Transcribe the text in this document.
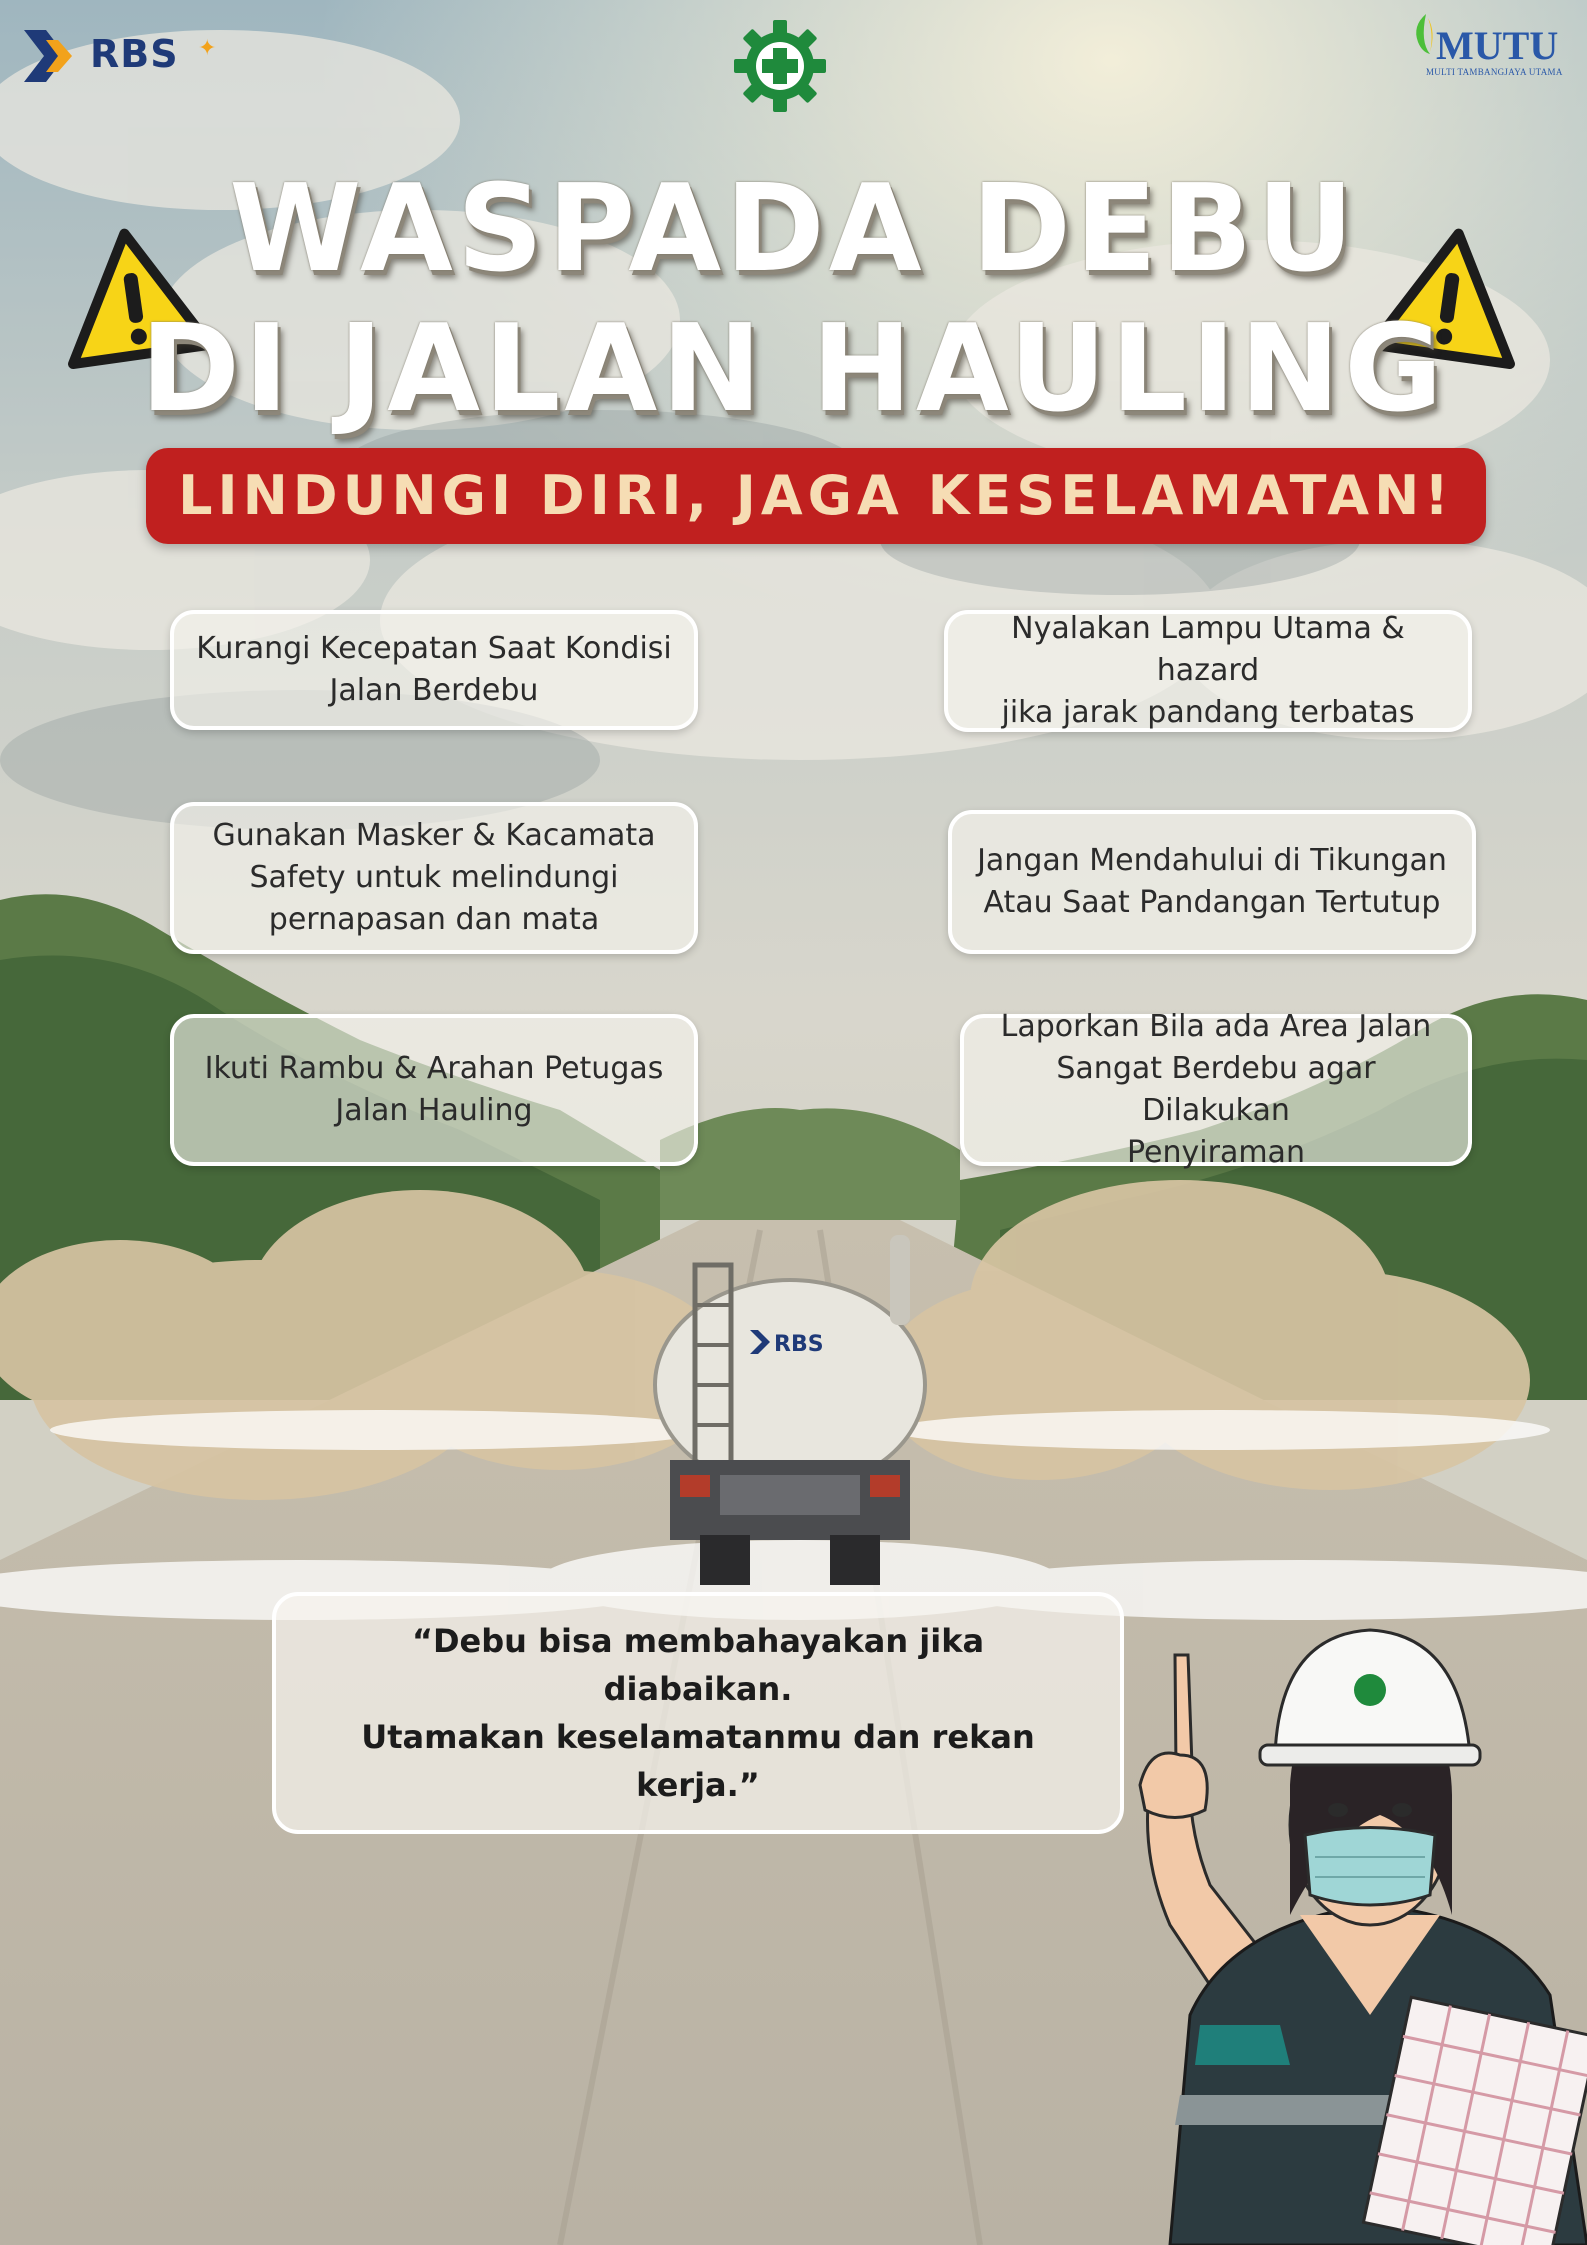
RBS
RBS ✦	MUTU
MULTI TAMBANGJAYA UTAMA
WASPADA DEBU
DI JALAN HAULING
LINDUNGI DIRI, JAGA KESELAMATAN!
Kurangi Kecepatan Saat Kondisi
Jalan Berdebu
Nyalakan Lampu Utama & hazard
jika jarak pandang terbatas
Gunakan Masker & Kacamata
Safety untuk melindungi
pernapasan dan mata
Jangan Mendahului di Tikungan
Atau Saat Pandangan Tertutup
Ikuti Rambu & Arahan Petugas
Jalan Hauling
Laporkan Bila ada Area Jalan
Sangat Berdebu agar Dilakukan
Penyiraman
“Debu bisa membahayakan jika diabaikan.
Utamakan keselamatanmu dan rekan kerja.”
